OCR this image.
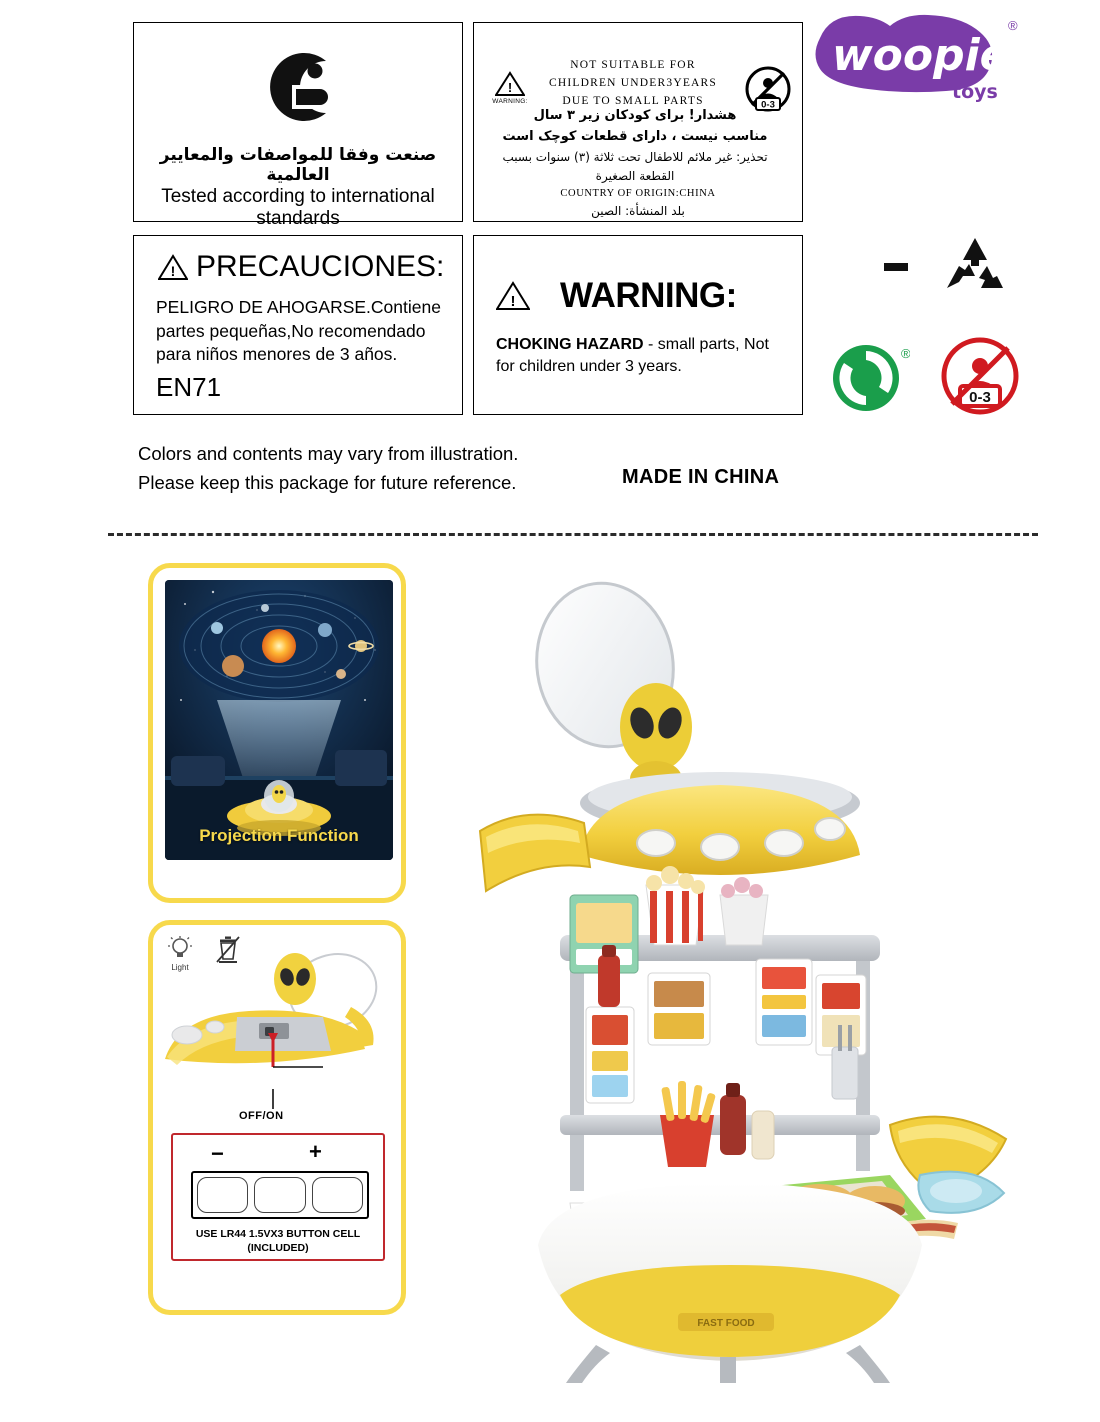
صنعت وفقا للمواصفات والمعايير العالمية
Tested according to international standards
!
WARNING:
NOT SUITABLE FOR
CHILDREN UNDER3YEARS
DUE TO SMALL PARTS	0-3
هشدار! برای کودکان زیر ۳ سال
مناسب نیست ، دارای قطعات کوچک است
تحذير: غير ملائم للاطفال تحت ثلاثة (٣) سنوات بسبب
القطعة الصغيرة
COUNTRY OF ORIGIN:CHINA
بلد المنشأة: الصين
! PRECAUCIONES:
PELIGRO DE AHOGARSE.Contiene partes pequeñas,No recomendado para niños menores de 3 años.
EN71
! WARNING:
CHOKING HAZARD - small parts, Not for children under 3 years.
woopie!
®
toys
®
0-3
Colors and contents may vary from illustration.
Please keep this package for future reference.	MADE IN CHINA
Projection Function
Light
OFF/ON
−	+
USE LR44 1.5VX3 BUTTON CELL
(INCLUDED)
FAST FOOD
